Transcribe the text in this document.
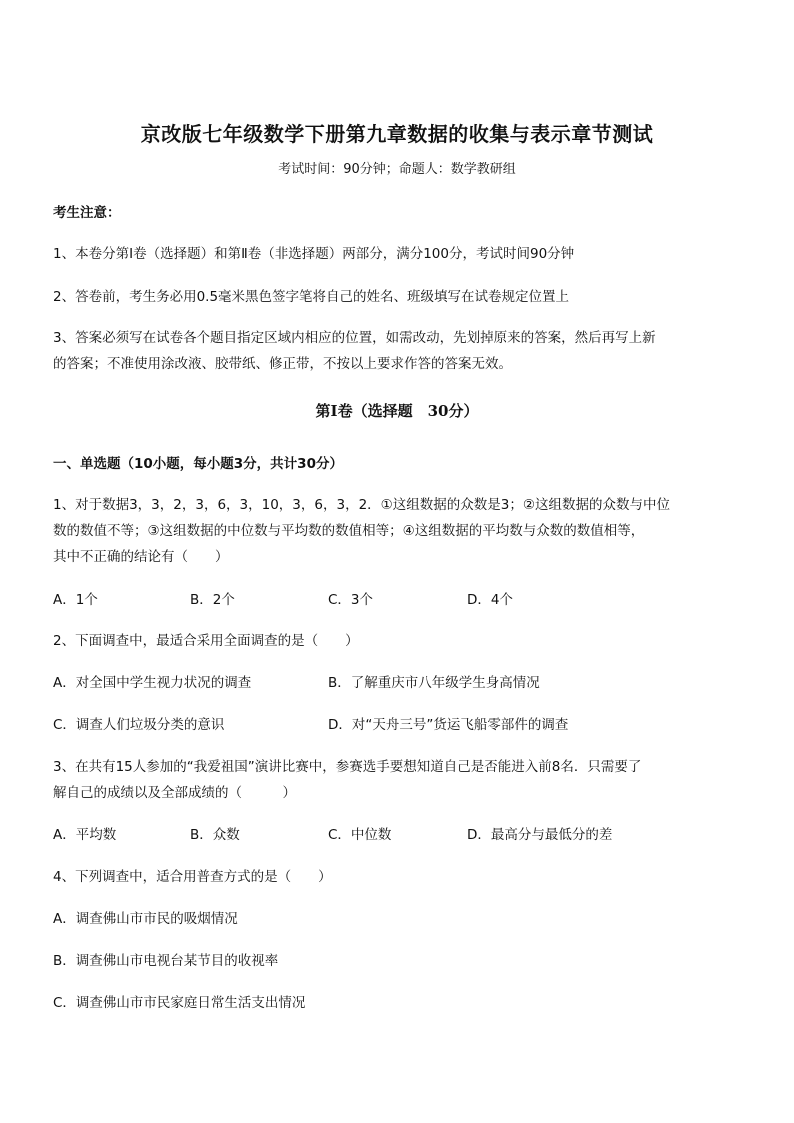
京改版七年级数学下册第九章数据的收集与表示章节测试
考试时间：90分钟；命题人：数学教研组
考生注意：
1、本卷分第Ⅰ卷（选择题）和第Ⅱ卷（非选择题）两部分，满分100分，考试时间90分钟
2、答卷前，考生务必用0.5毫米黑色签字笔将自己的姓名、班级填写在试卷规定位置上
3、答案必须写在试卷各个题目指定区域内相应的位置，如需改动，先划掉原来的答案，然后再写上新
的答案；不准使用涂改液、胶带纸、修正带，不按以上要求作答的答案无效。
第Ⅰ卷（选择题　30分）
一、单选题（10小题，每小题3分，共计30分）
1、对于数据3，3，2，3，6，3，10，3，6，3，2．①这组数据的众数是3；②这组数据的众数与中位
数的数值不等；③这组数据的中位数与平均数的数值相等；④这组数据的平均数与众数的数值相等，
其中不正确的结论有（　　）
A．1个	B．2个	C．3个	D．4个
2、下面调查中，最适合采用全面调查的是（　　）
A．对全国中学生视力状况的调查	B．了解重庆市八年级学生身高情况
C．调查人们垃圾分类的意识	D．对“天舟三号”货运飞船零部件的调查
3、在共有15人参加的“我爱祖国”演讲比赛中，参赛选手要想知道自己是否能进入前8名．只需要了
解自己的成绩以及全部成绩的（　　　）
A．平均数	B．众数	C．中位数	D．最高分与最低分的差
4、下列调查中，适合用普查方式的是（　　）
A．调查佛山市市民的吸烟情况
B．调查佛山市电视台某节目的收视率
C．调查佛山市市民家庭日常生活支出情况
